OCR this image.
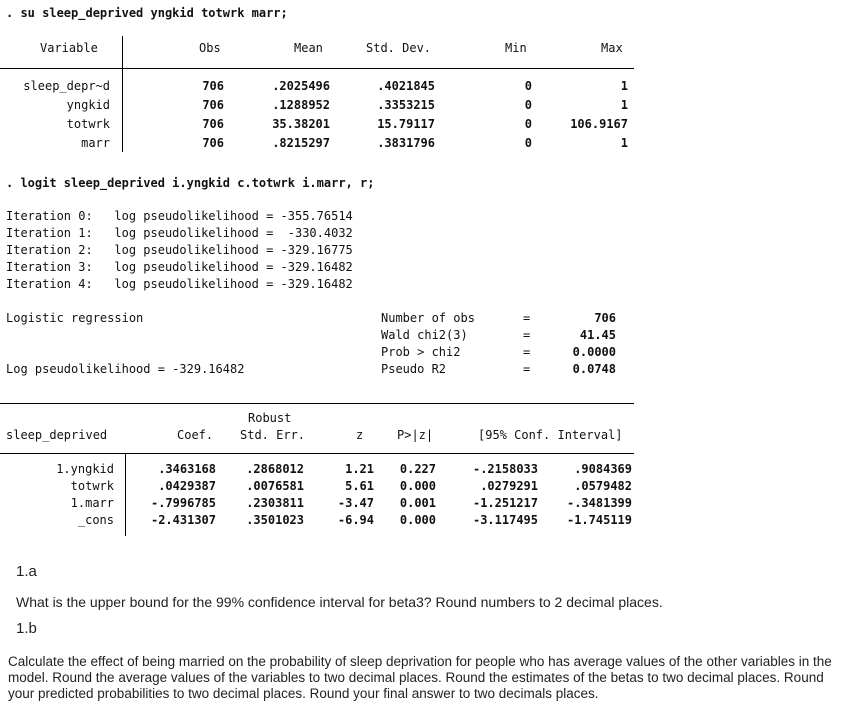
. su sleep_deprived yngkid totwrk marr;
Variable	Obs	Mean	Std. Dev.	Min	Max
sleep_depr~d	706	.2025496	.4021845	0	1
yngkid	706	.1288952	.3353215	0	1
totwrk	706	35.38201	15.79117	0	106.9167
marr	706	.8215297	.3831796	0	1
. logit sleep_deprived i.yngkid c.totwrk i.marr, r;
Iteration 0:   log pseudolikelihood = -355.76514
Iteration 1:   log pseudolikelihood =  -330.4032
Iteration 2:   log pseudolikelihood = -329.16775
Iteration 3:   log pseudolikelihood = -329.16482
Iteration 4:   log pseudolikelihood = -329.16482
Logistic regression
Log pseudolikelihood = -329.16482
Number of obs	=	706
Wald chi2(3)	=	41.45
Prob > chi2	=	0.0000
Pseudo R2	=	0.0748
Robust
sleep_deprived	Coef. Std. Err.	z	P>|z|	[95% Conf. Interval]
1.yngkid	.3463168	.2868012	1.21	0.227	-.2158033	.9084369
totwrk	.0429387	.0076581	5.61	0.000	.0279291	.0579482
1.marr	-.7996785	.2303811	-3.47	0.001	-1.251217	-.3481399
_cons	-2.431307	.3501023	-6.94	0.000	-3.117495	-1.745119
1.a
What is the upper bound for the 99% confidence interval for beta3? Round numbers to 2 decimal places.
1.b
Calculate the effect of being married on the probability of sleep deprivation for people who has average values of the other variables in the model. Round the average values of the variables to two decimal places. Round the estimates of the betas to two decimal places. Round your predicted probabilities to two decimal places. Round your final answer to two decimals places.
